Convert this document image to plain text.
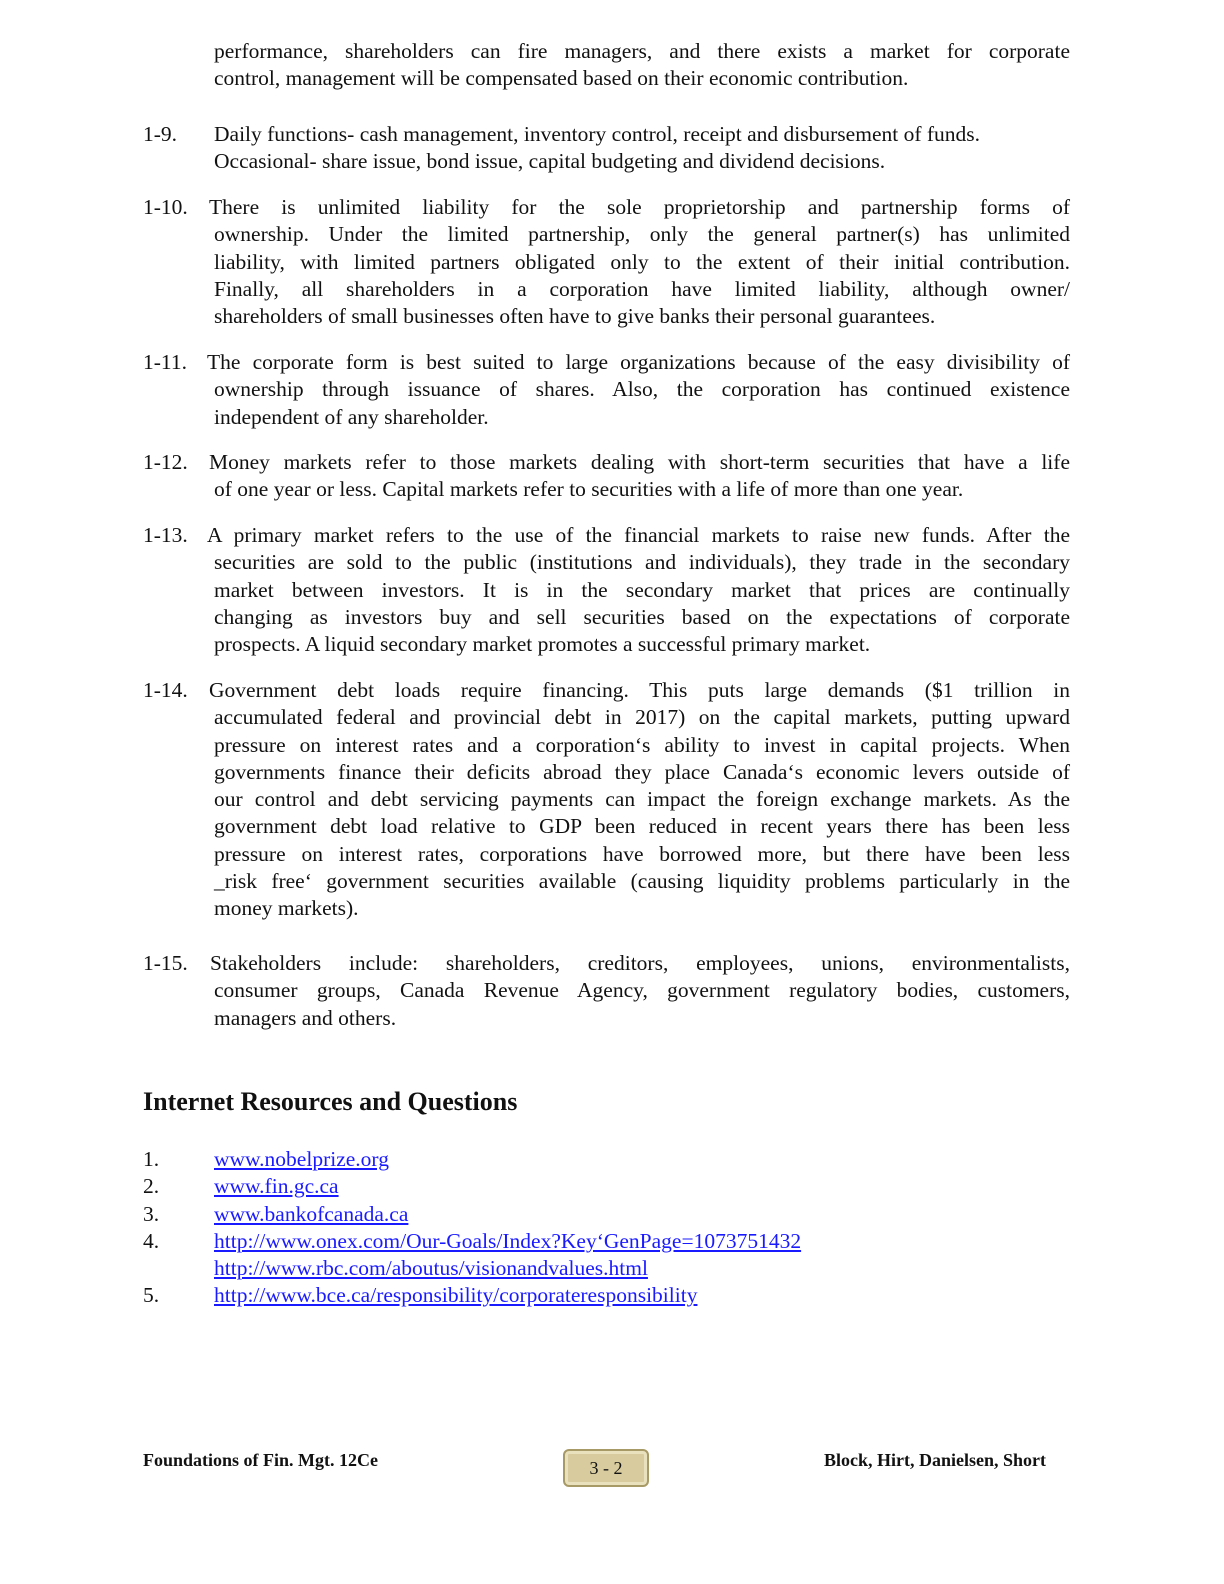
performance, shareholders can fire managers, and there exists a market for corporate
control, management will be compensated based on their economic contribution.
1-9. Daily functions- cash management, inventory control, receipt and disbursement of funds.
Occasional- share issue, bond issue, capital budgeting and dividend decisions.
1-10. There is unlimited liability for the sole proprietorship and partnership forms of
ownership. Under the limited partnership, only the general partner(s) has unlimited
liability, with limited partners obligated only to the extent of their initial contribution.
Finally, all shareholders in a corporation have limited liability, although owner/
shareholders of small businesses often have to give banks their personal guarantees.
1-11. The corporate form is best suited to large organizations because of the easy divisibility of
ownership through issuance of shares. Also, the corporation has continued existence
independent of any shareholder.
1-12. Money markets refer to those markets dealing with short-term securities that have a life
of one year or less. Capital markets refer to securities with a life of more than one year.
1-13. A primary market refers to the use of the financial markets to raise new funds. After the
securities are sold to the public (institutions and individuals), they trade in the secondary
market between investors. It is in the secondary market that prices are continually
changing as investors buy and sell securities based on the expectations of corporate
prospects. A liquid secondary market promotes a successful primary market.
1-14. Government debt loads require financing. This puts large demands ($1 trillion in
accumulated federal and provincial debt in 2017) on the capital markets, putting upward
pressure on interest rates and a corporation‘s ability to invest in capital projects. When
governments finance their deficits abroad they place Canada‘s economic levers outside of
our control and debt servicing payments can impact the foreign exchange markets. As the
government debt load relative to GDP been reduced in recent years there has been less
pressure on interest rates, corporations have borrowed more, but there have been less
_risk free‘ government securities available (causing liquidity problems particularly in the
money markets).
1-15. Stakeholders include: shareholders, creditors, employees, unions, environmentalists,
consumer groups, Canada Revenue Agency, government regulatory bodies, customers,
managers and others.
Internet Resources and Questions
1.	www.nobelprize.org
2.	www.fin.gc.ca
3.	www.bankofcanada.ca
4.	http://www.onex.com/Our-Goals/Index?Key‘GenPage=1073751432
http://www.rbc.com/aboutus/visionandvalues.html
5.	http://www.bce.ca/responsibility/corporateresponsibility
Foundations of Fin. Mgt. 12Ce	3 - 2	Block, Hirt, Danielsen, Short
